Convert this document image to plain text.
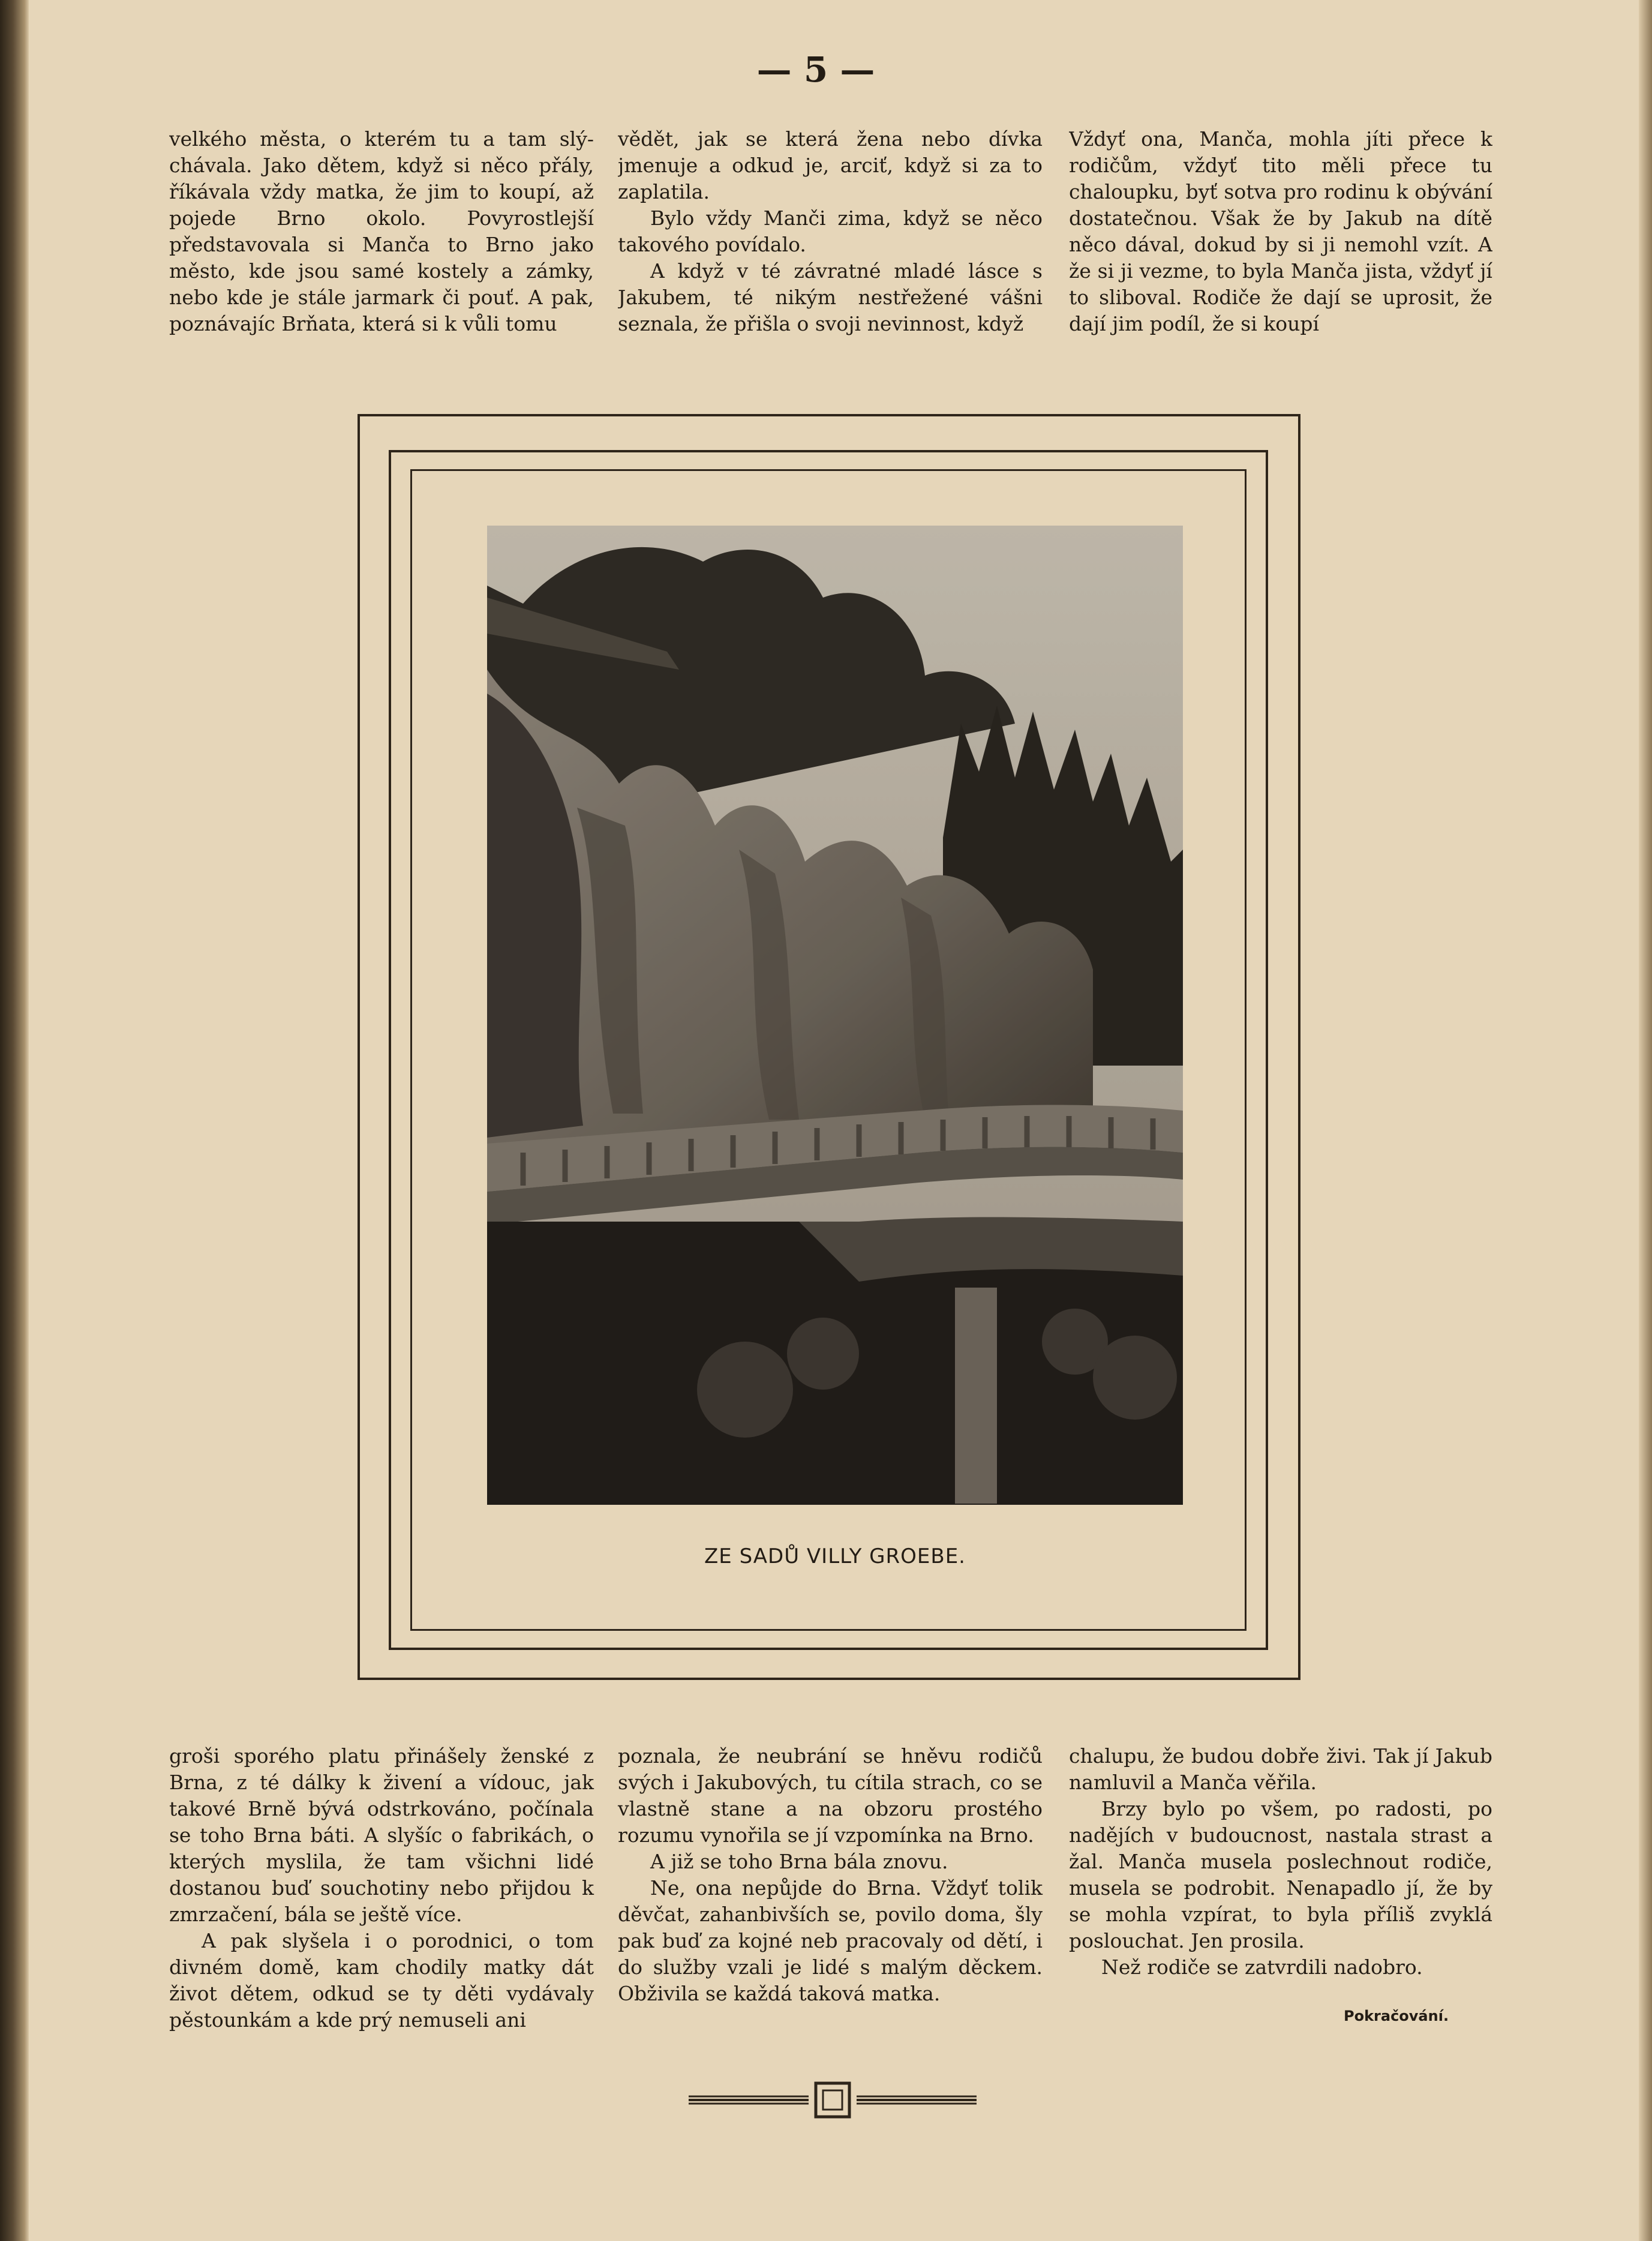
— 5 —

velkého města, o kterém tu a tam slý- chávala. Jako dětem, když si něco přály, říkávala vždy matka, že jim to koupí, až pojede Brno okolo. Povyrostlejší představovala si Manča to Brno jako město, kde jsou samé kostely a zámky, nebo kde je stále jarmark či pouť. A pak, poznávajíc Brňata, která si k vůli tomu

vědět, jak se která žena nebo dívka jmenuje a odkud je, arciť, když si za to zaplatila.

Bylo vždy Manči zima, když se něco takového povídalo.

A když v té závratné mladé lásce s Jakubem, té nikým nestřežené vášni seznala, že přišla o svoji nevinnost, když

Vždyť ona, Manča, mohla jíti přece k rodičům, vždyť tito měli přece tu chaloupku, byť sotva pro rodinu k obývání dostatečnou. Však že by Jakub na dítě něco dával, dokud by si ji nemohl vzít. A že si ji vezme, to byla Manča jista, vždyť jí to sliboval. Rodiče že dají se uprosit, že dají jim podíl, že si koupí

ZE SADŮ VILLY GROEBE.

groši sporého platu přinášely ženské z Brna, z té dálky k živení a vídouc, jak takové Brně bývá odstrkováno, počínala se toho Brna báti. A slyšíc o fabrikách, o kterých myslila, že tam všichni lidé dostanou buď souchotiny nebo přijdou k zmrzačení, bála se ještě více.

A pak slyšela i o porodnici, o tom divném domě, kam chodily matky dát život dětem, odkud se ty děti vydávaly pěstounkám a kde prý nemuseli ani

poznala, že neubrání se hněvu rodičů svých i Jakubových, tu cítila strach, co se vlastně stane a na obzoru prostého rozumu vynořila se jí vzpomínka na Brno.

A již se toho Brna bála znovu.

Ne, ona nepůjde do Brna. Vždyť tolik děvčat, zahanbivších se, povilo doma, šly pak buď za kojné neb pracovaly od dětí, i do služby vzali je lidé s malým děckem. Obživila se každá taková matka.

chalupu, že budou dobře živi. Tak jí Jakub namluvil a Manča věřila.

Brzy bylo po všem, po radosti, po nadějích v budoucnost, nastala strast a žal. Manča musela poslechnout rodiče, musela se podrobit. Nenapadlo jí, že by se mohla vzpírat, to byla příliš zvyklá poslouchat. Jen prosila.

Než rodiče se zatvrdili nadobro.

Pokračování.
